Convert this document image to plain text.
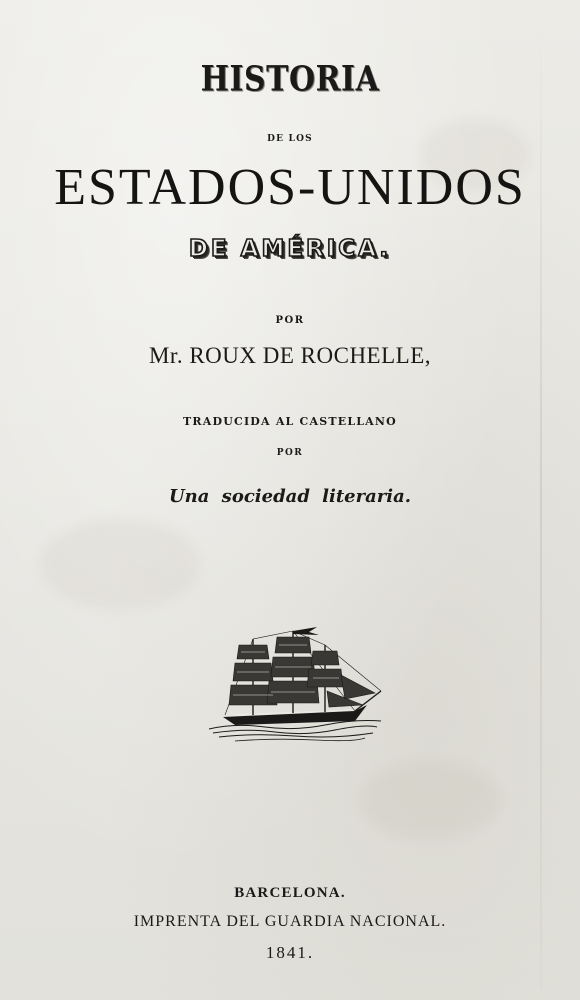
HISTORIA
DE LOS
ESTADOS-UNIDOS
DE AMÉRICA.
POR
Mr. ROUX DE ROCHELLE,
TRADUCIDA AL CASTELLANO
POR
Una sociedad literaria.
BARCELONA.
IMPRENTA DEL GUARDIA NACIONAL.
1841.
